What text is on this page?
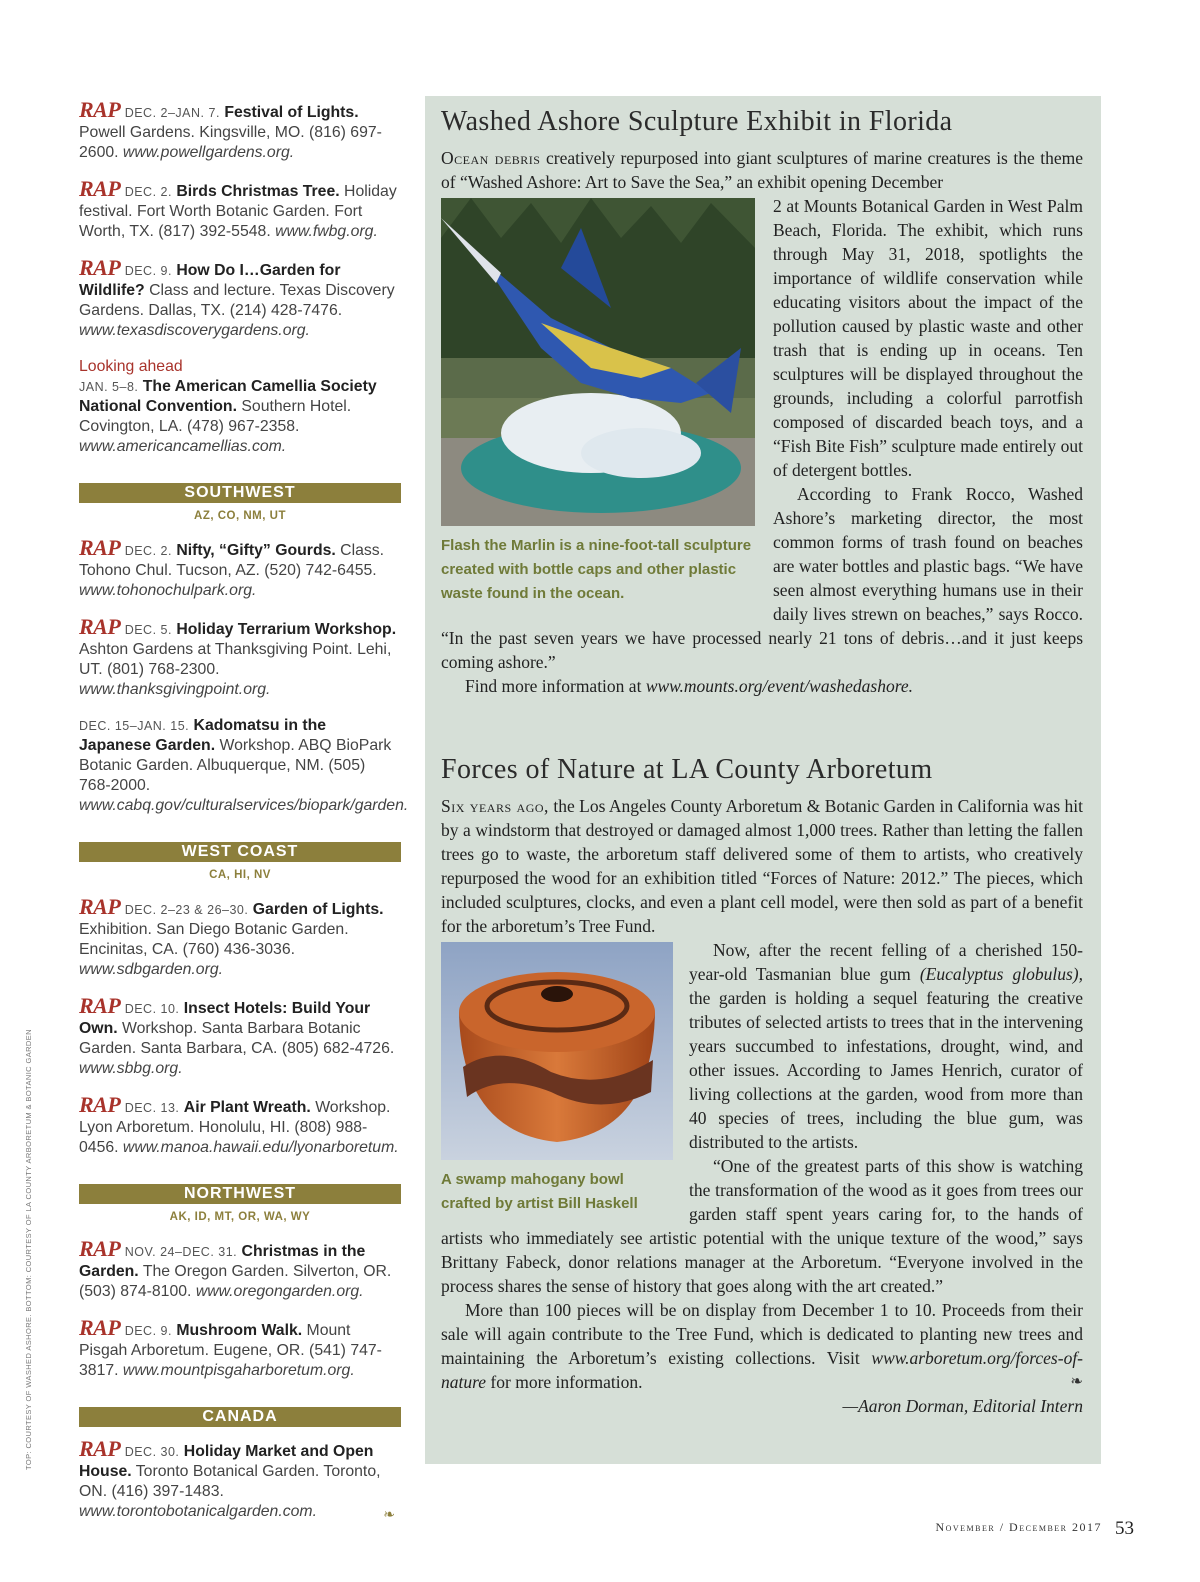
RAP DEC. 2–JAN. 7. Festival of Lights. Powell Gardens. Kingsville, MO. (816) 697-2600. www.powellgardens.org.
RAP DEC. 2. Birds Christmas Tree. Holiday festival. Fort Worth Botanic Garden. Fort Worth, TX. (817) 392-5548. www.fwbg.org.
RAP DEC. 9. How Do I…Garden for Wildlife? Class and lecture. Texas Discovery Gardens. Dallas, TX. (214) 428-7476. www.texasdiscoverygardens.org.
Looking ahead
JAN. 5–8. The American Camellia Society National Convention. Southern Hotel. Covington, LA. (478) 967-2358. www.americancamellias.com.
SOUTHWEST
AZ, CO, NM, UT
RAP DEC. 2. Nifty, “Gifty” Gourds. Class. Tohono Chul. Tucson, AZ. (520) 742-6455. www.tohonochulpark.org.
RAP DEC. 5. Holiday Terrarium Workshop. Ashton Gardens at Thanksgiving Point. Lehi, UT. (801) 768-2300. www.thanksgivingpoint.org.
DEC. 15–JAN. 15. Kadomatsu in the Japanese Garden. Workshop. ABQ BioPark Botanic Garden. Albuquerque, NM. (505) 768-2000. www.cabq.gov/culturalservices/biopark/garden.
WEST COAST
CA, HI, NV
RAP DEC. 2–23 & 26–30. Garden of Lights. Exhibition. San Diego Botanic Garden. Encinitas, CA. (760) 436-3036. www.sdbgarden.org.
RAP DEC. 10. Insect Hotels: Build Your Own. Workshop. Santa Barbara Botanic Garden. Santa Barbara, CA. (805) 682-4726. www.sbbg.org.
RAP DEC. 13. Air Plant Wreath. Workshop. Lyon Arboretum. Honolulu, HI. (808) 988-0456. www.manoa.hawaii.edu/lyonarboretum.
NORTHWEST
AK, ID, MT, OR, WA, WY
RAP NOV. 24–DEC. 31. Christmas in the Garden. The Oregon Garden. Silverton, OR. (503) 874-8100. www.oregongarden.org.
RAP DEC. 9. Mushroom Walk. Mount Pisgah Arboretum. Eugene, OR. (541) 747-3817. www.mountpisgaharboretum.org.
CANADA
RAP DEC. 30. Holiday Market and Open House. Toronto Botanical Garden. Toronto, ON. (416) 397-1483. www.torontobotanicalgarden.com.	❧
TOP: COURTESY OF WASHED ASHORE. BOTTOM: COURTESY OF LA COUNTY ARBORETUM & BOTANIC GARDEN
Washed Ashore Sculpture Exhibit in Florida

Ocean debris creatively repurposed into giant sculptures of marine creatures is the theme of “Washed Ashore: Art to Save the Sea,” an exhibit opening December

Flash the Marlin is a nine-foot-tall sculpture created with bottle caps and other plastic waste found in the ocean.

2 at Mounts Botanical Garden in West Palm Beach, Florida. The exhibit, which runs through May 31, 2018, spotlights the importance of wildlife conservation while educating visitors about the impact of the pollution caused by plastic waste and other trash that is ending up in oceans. Ten sculptures will be displayed throughout the grounds, including a colorful parrotfish composed of discarded beach toys, and a “Fish Bite Fish” sculpture made entirely out of detergent bottles.

According to Frank Rocco, Washed Ashore’s marketing director, the most common forms of trash found on beaches are water bottles and plastic bags. “We have seen almost everything humans use in their daily lives strewn on beaches,” says Rocco. “In the past seven years we have processed nearly 21 tons of debris…and it just keeps coming ashore.”

Find more information at www.mounts.org/event/washedashore.

Forces of Nature at LA County Arboretum

Six years ago, the Los Angeles County Arboretum & Botanic Garden in California was hit by a windstorm that destroyed or damaged almost 1,000 trees. Rather than letting the fallen trees go to waste, the arboretum staff delivered some of them to artists, who creatively repurposed the wood for an exhibition titled “Forces of Nature: 2012.” The pieces, which included sculptures, clocks, and even a plant cell model, were then sold as part of a benefit for the arboretum’s Tree Fund.

A swamp mahogany bowl crafted by artist Bill Haskell

Now, after the recent felling of a cherished 150-year-old Tasmanian blue gum (Eucalyptus globulus), the garden is holding a sequel featuring the creative tributes of selected artists to trees that in the intervening years succumbed to infestations, drought, wind, and other issues. According to James Henrich, curator of living collections at the garden, wood from more than 40 species of trees, including the blue gum, was distributed to the artists.

“One of the greatest parts of this show is watching the transformation of the wood as it goes from trees our garden staff spent years caring for, to the hands of artists who immediately see artistic potential with the unique texture of the wood,” says Brittany Fabeck, donor relations manager at the Arboretum. “Everyone involved in the process shares the sense of history that goes along with the art created.”

More than 100 pieces will be on display from December 1 to 10. Proceeds from their sale will again contribute to the Tree Fund, which is dedicated to planting new trees and maintaining the Arboretum’s existing collections. Visit www.arboretum.org/forces-of-nature for more information.	❧

—Aaron Dorman, Editorial Intern

November / December 2017 53
